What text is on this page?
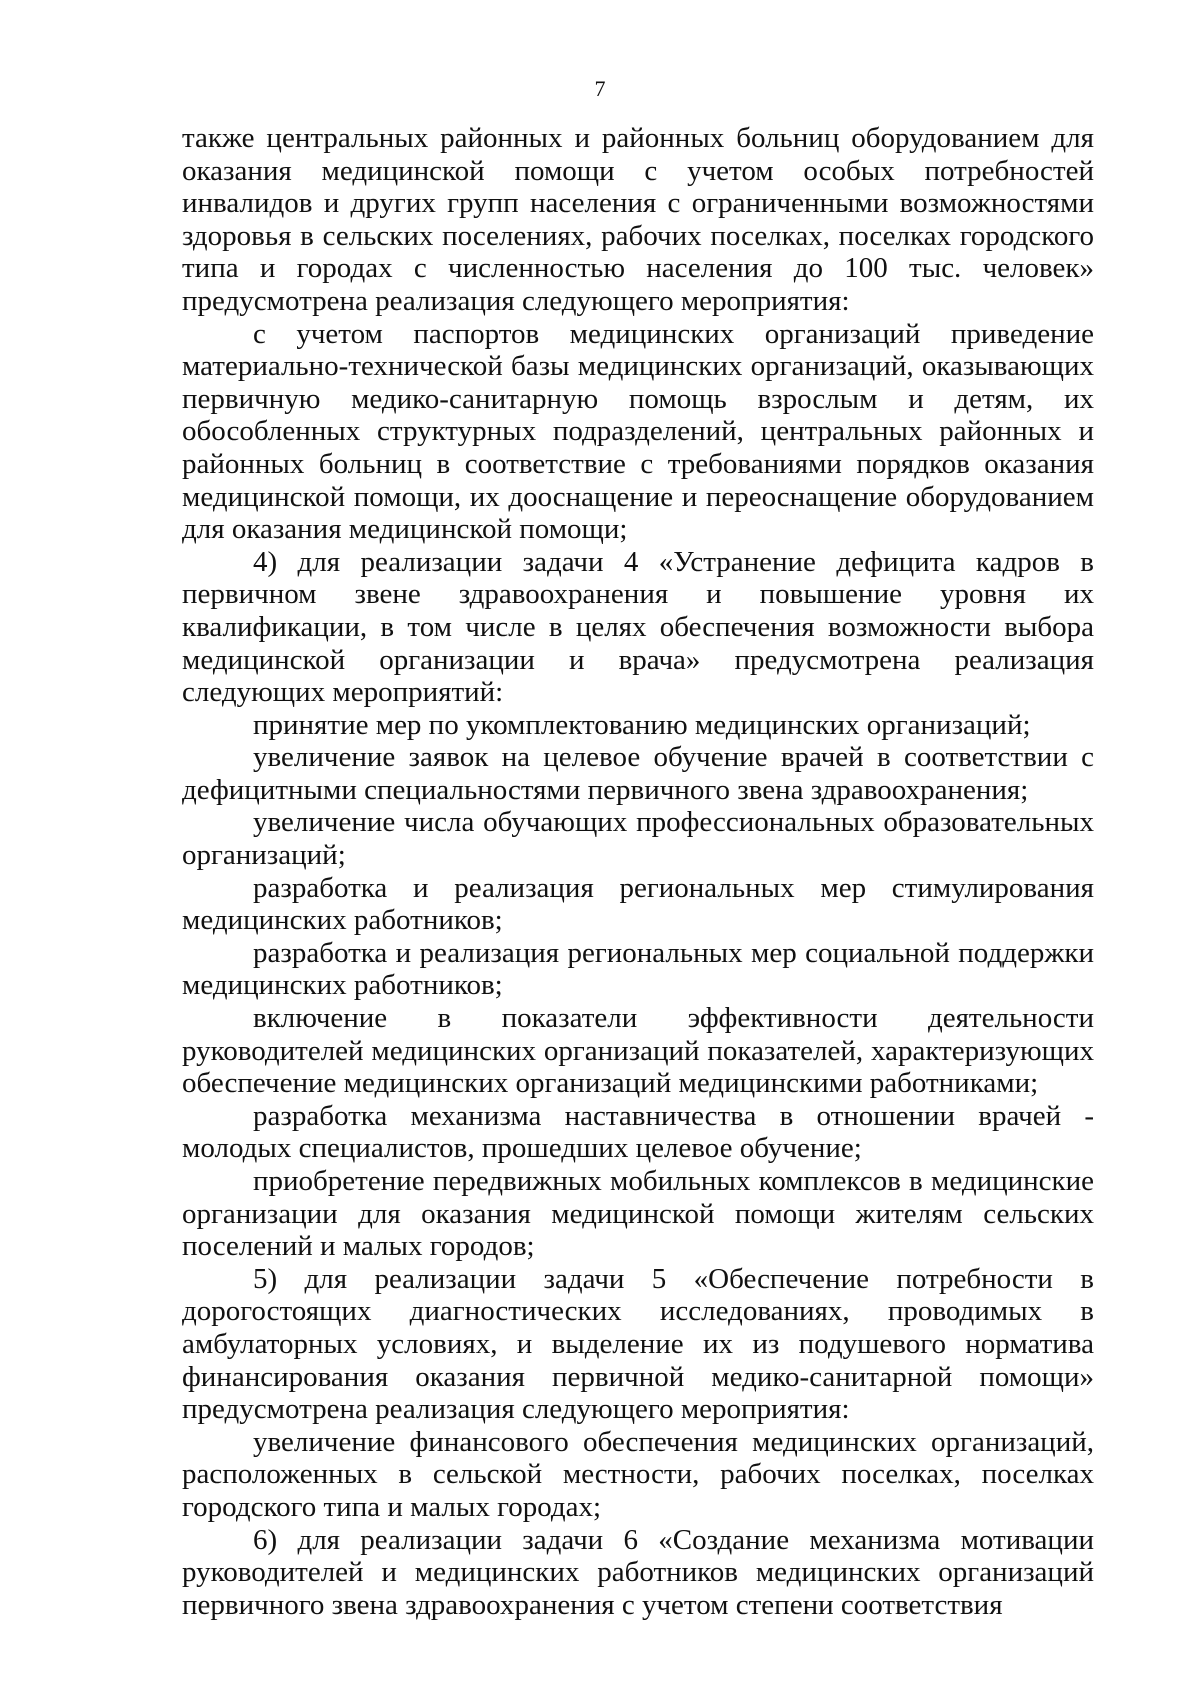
7

также центральных районных и районных больниц оборудованием для оказания медицинской помощи с учетом особых потребностей инвалидов и других групп населения с ограниченными возможностями здоровья в сельских поселениях, рабочих поселках, поселках городского типа и городах с численностью населения до 100 тыс. человек» предусмотрена реализация следующего мероприятия:

с учетом паспортов медицинских организаций приведение материально-технической базы медицинских организаций, оказывающих первичную медико-санитарную помощь взрослым и детям, их обособленных структурных подразделений, центральных районных и районных больниц в соответствие с требованиями порядков оказания медицинской помощи, их дооснащение и переоснащение оборудованием для оказания медицинской помощи;

4) для реализации задачи 4 «Устранение дефицита кадров в первичном звене здравоохранения и повышение уровня их квалификации, в том числе в целях обеспечения возможности выбора медицинской организации и врача» предусмотрена реализация следующих мероприятий:

принятие мер по укомплектованию медицинских организаций;

увеличение заявок на целевое обучение врачей в соответствии с дефицитными специальностями первичного звена здравоохранения;

увеличение числа обучающих профессиональных образовательных организаций;

разработка и реализация региональных мер стимулирования медицинских работников;

разработка и реализация региональных мер социальной поддержки медицинских работников;

включение в показатели эффективности деятельности руководителей медицинских организаций показателей, характеризующих обеспечение медицинских организаций медицинскими работниками;

разработка механизма наставничества в отношении врачей - молодых специалистов, прошедших целевое обучение;

приобретение передвижных мобильных комплексов в медицинские организации для оказания медицинской помощи жителям сельских поселений и малых городов;

5) для реализации задачи 5 «Обеспечение потребности в дорогостоящих диагностических исследованиях, проводимых в амбулаторных условиях, и выделение их из подушевого норматива финансирования оказания первичной медико-санитарной помощи» предусмотрена реализация следующего мероприятия:

увеличение финансового обеспечения медицинских организаций, расположенных в сельской местности, рабочих поселках, поселках городского типа и малых городах;

6) для реализации задачи 6 «Создание механизма мотивации руководителей и медицинских работников медицинских организаций первичного звена здравоохранения с учетом степени соответствия
